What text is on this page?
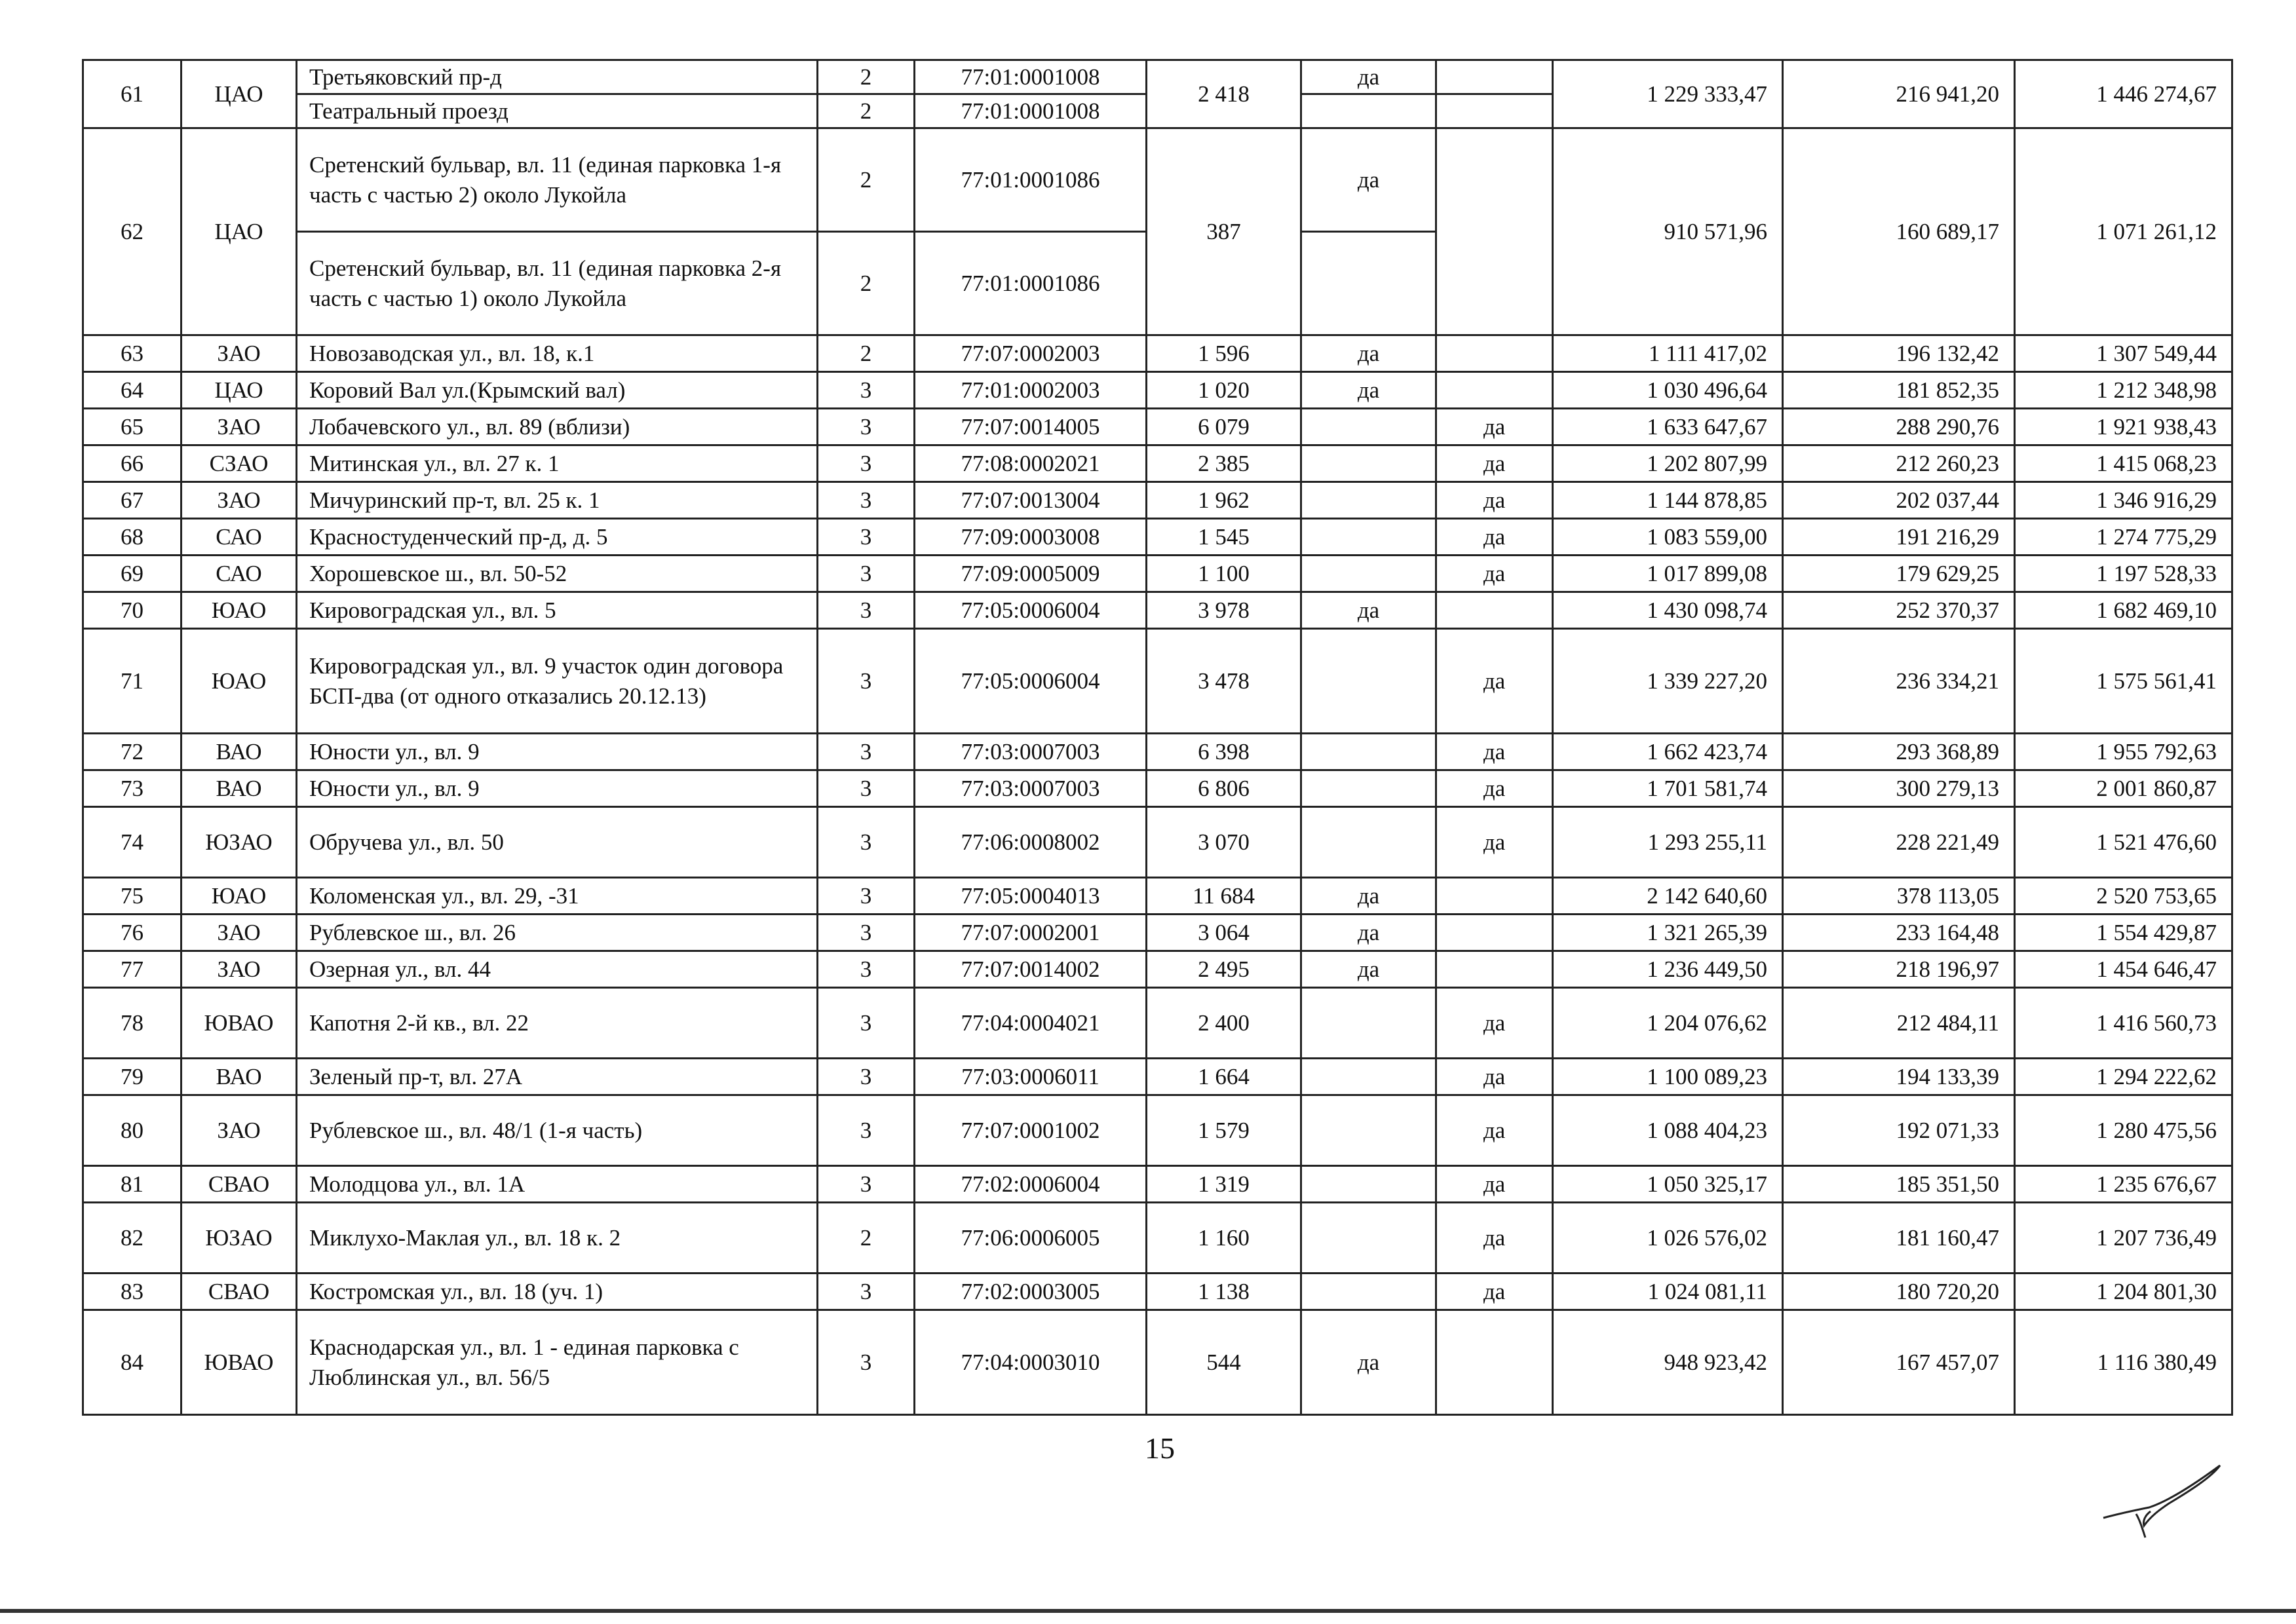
61	ЦАО	Третьяковский пр-д	2	77:01:0001008	2 418	да		1 229 333,47	216 941,20	1 446 274,67
		Театральный проезд	2	77:01:0001008						
62	ЦАО	Сретенский бульвар, вл. 11 (единая парковка 1-я часть с частью 2) около Лукойла	2	77:01:0001086	387	да		910 571,96	160 689,17	1 071 261,12
		Сретенский бульвар, вл. 11 (единая парковка 2-я часть с частью 1) около Лукойла	2	77:01:0001086						
63	ЗАО	Новозаводская ул., вл. 18, к.1	2	77:07:0002003	1 596	да		1 111 417,02	196 132,42	1 307 549,44
64	ЦАО	Коровий Вал ул.(Крымский вал)	3	77:01:0002003	1 020	да		1 030 496,64	181 852,35	1 212 348,98
65	ЗАО	Лобачевского ул., вл. 89 (вблизи)	3	77:07:0014005	6 079		да	1 633 647,67	288 290,76	1 921 938,43
66	СЗАО	Митинская ул., вл. 27 к. 1	3	77:08:0002021	2 385		да	1 202 807,99	212 260,23	1 415 068,23
67	ЗАО	Мичуринский пр-т, вл. 25 к. 1	3	77:07:0013004	1 962		да	1 144 878,85	202 037,44	1 346 916,29
68	САО	Красностуденческий пр-д, д. 5	3	77:09:0003008	1 545		да	1 083 559,00	191 216,29	1 274 775,29
69	САО	Хорошевское ш., вл. 50-52	3	77:09:0005009	1 100		да	1 017 899,08	179 629,25	1 197 528,33
70	ЮАО	Кировоградская ул., вл. 5	3	77:05:0006004	3 978	да		1 430 098,74	252 370,37	1 682 469,10
71	ЮАО	Кировоградская ул., вл. 9 участок один договора БСП-два (от одного отказались 20.12.13)	3	77:05:0006004	3 478		да	1 339 227,20	236 334,21	1 575 561,41
72	ВАО	Юности ул., вл. 9	3	77:03:0007003	6 398		да	1 662 423,74	293 368,89	1 955 792,63
73	ВАО	Юности ул., вл. 9	3	77:03:0007003	6 806		да	1 701 581,74	300 279,13	2 001 860,87
74	ЮЗАО	Обручева ул., вл. 50	3	77:06:0008002	3 070		да	1 293 255,11	228 221,49	1 521 476,60
75	ЮАО	Коломенская ул., вл. 29, -31	3	77:05:0004013	11 684	да		2 142 640,60	378 113,05	2 520 753,65
76	ЗАО	Рублевское ш., вл. 26	3	77:07:0002001	3 064	да		1 321 265,39	233 164,48	1 554 429,87
77	ЗАО	Озерная ул., вл. 44	3	77:07:0014002	2 495	да		1 236 449,50	218 196,97	1 454 646,47
78	ЮВАО	Капотня 2-й кв., вл. 22	3	77:04:0004021	2 400		да	1 204 076,62	212 484,11	1 416 560,73
79	ВАО	Зеленый пр-т, вл. 27А	3	77:03:0006011	1 664		да	1 100 089,23	194 133,39	1 294 222,62
80	ЗАО	Рублевское ш., вл. 48/1 (1-я часть)	3	77:07:0001002	1 579		да	1 088 404,23	192 071,33	1 280 475,56
81	СВАО	Молодцова ул., вл. 1А	3	77:02:0006004	1 319		да	1 050 325,17	185 351,50	1 235 676,67
82	ЮЗАО	Миклухо-Маклая ул., вл. 18 к. 2	2	77:06:0006005	1 160		да	1 026 576,02	181 160,47	1 207 736,49
83	СВАО	Костромская ул., вл. 18 (уч. 1)	3	77:02:0003005	1 138		да	1 024 081,11	180 720,20	1 204 801,30
84	ЮВАО	Краснодарская ул., вл. 1 - единая парковка с Люблинская ул., вл. 56/5	3	77:04:0003010	544	да		948 923,42	167 457,07	1 116 380,49
15
